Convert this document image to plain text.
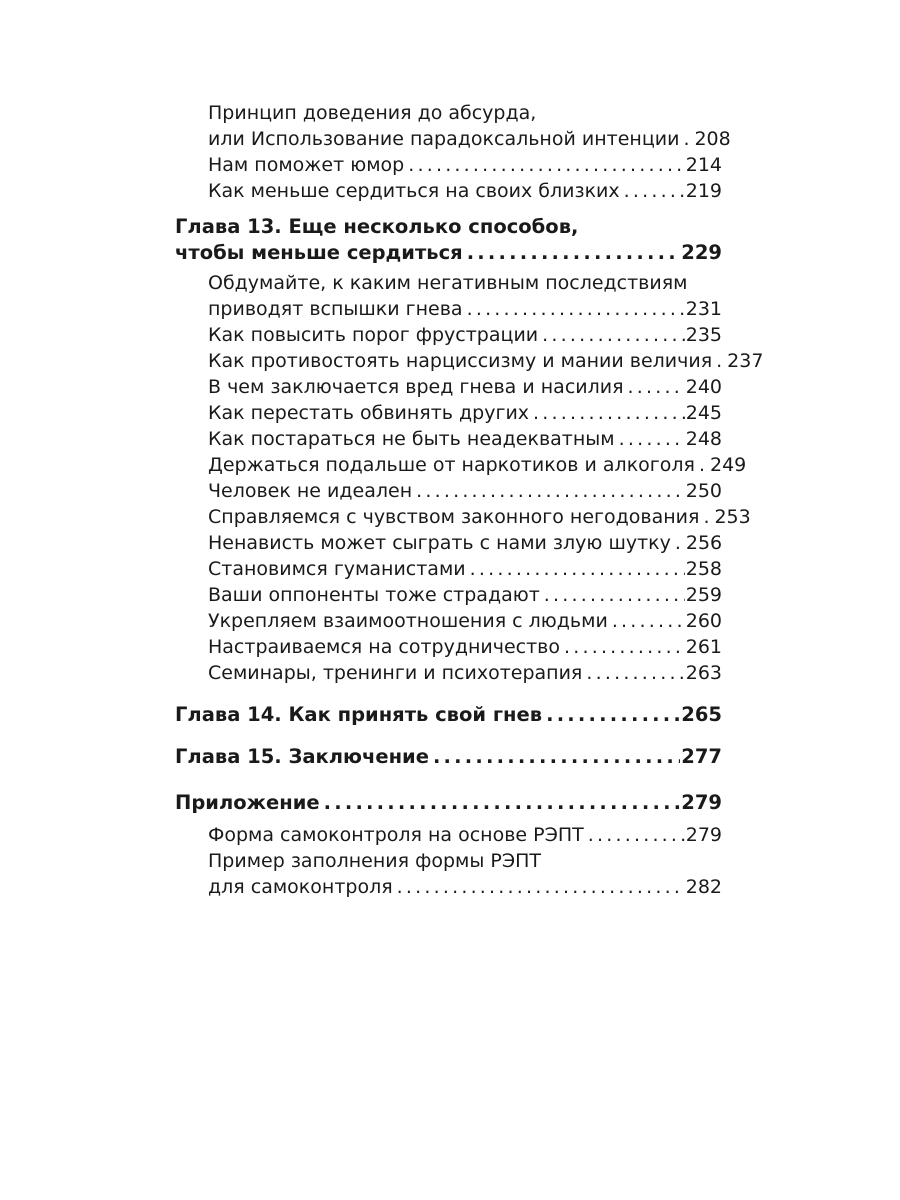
Принцип доведения до абсурда,
или Использование парадоксальной интенции ..... 208
Нам поможет юмор .....	214
Как меньше сердиться на своих близких .....	219
Глава 13. Еще несколько способов,
чтобы меньше сердиться .....	229
Обдумайте, к каким негативным последствиям
приводят вспышки гнева .....	231
Как повысить порог фрустрации .....	235
Как противостоять нарциссизму и мании величия ..... 237
В чем заключается вред гнева и насилия .....	240
Как перестать обвинять других .....	245
Как постараться не быть неадекватным .....	248
Держаться подальше от наркотиков и алкоголя ..... 249
Человек не идеален .....	250
Справляемся с чувством законного негодования ..... 253
Ненависть может сыграть с нами злую шутку ..... 256
Становимся гуманистами .....	258
Ваши оппоненты тоже страдают .....	259
Укрепляем взаимоотношения с людьми .....	260
Настраиваемся на сотрудничество .....	261
Семинары, тренинги и психотерапия .....	263
Глава 14. Как принять свой гнев .....	265
Глава 15. Заключение .....	277
Приложение .....	279
Форма самоконтроля на основе РЭПТ .....	279
Пример заполнения формы РЭПТ
для самоконтроля .....	282
